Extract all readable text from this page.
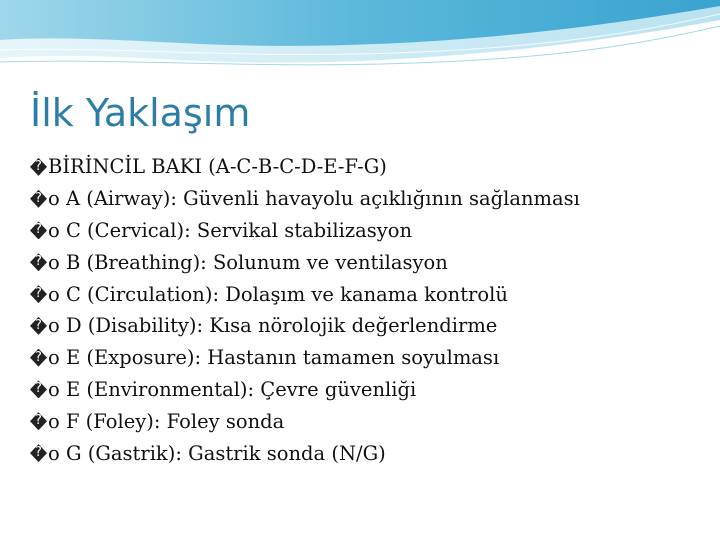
İlk Yaklaşım
?
BİRİNCİL BAKI (A-C-B-C-D-E-F-G)
?
o A (Airway): Güvenli havayolu açıklığının sağlanması
?
o C (Cervical): Servikal stabilizasyon
?
o B (Breathing): Solunum ve ventilasyon
?
o C (Circulation): Dolaşım ve kanama kontrolü
?
o D (Disability): Kısa nörolojik değerlendirme
?
o E (Exposure): Hastanın tamamen soyulması
?
o E (Environmental): Çevre güvenliği
?
o F (Foley): Foley sonda
?
o G (Gastrik): Gastrik sonda (N/G)
